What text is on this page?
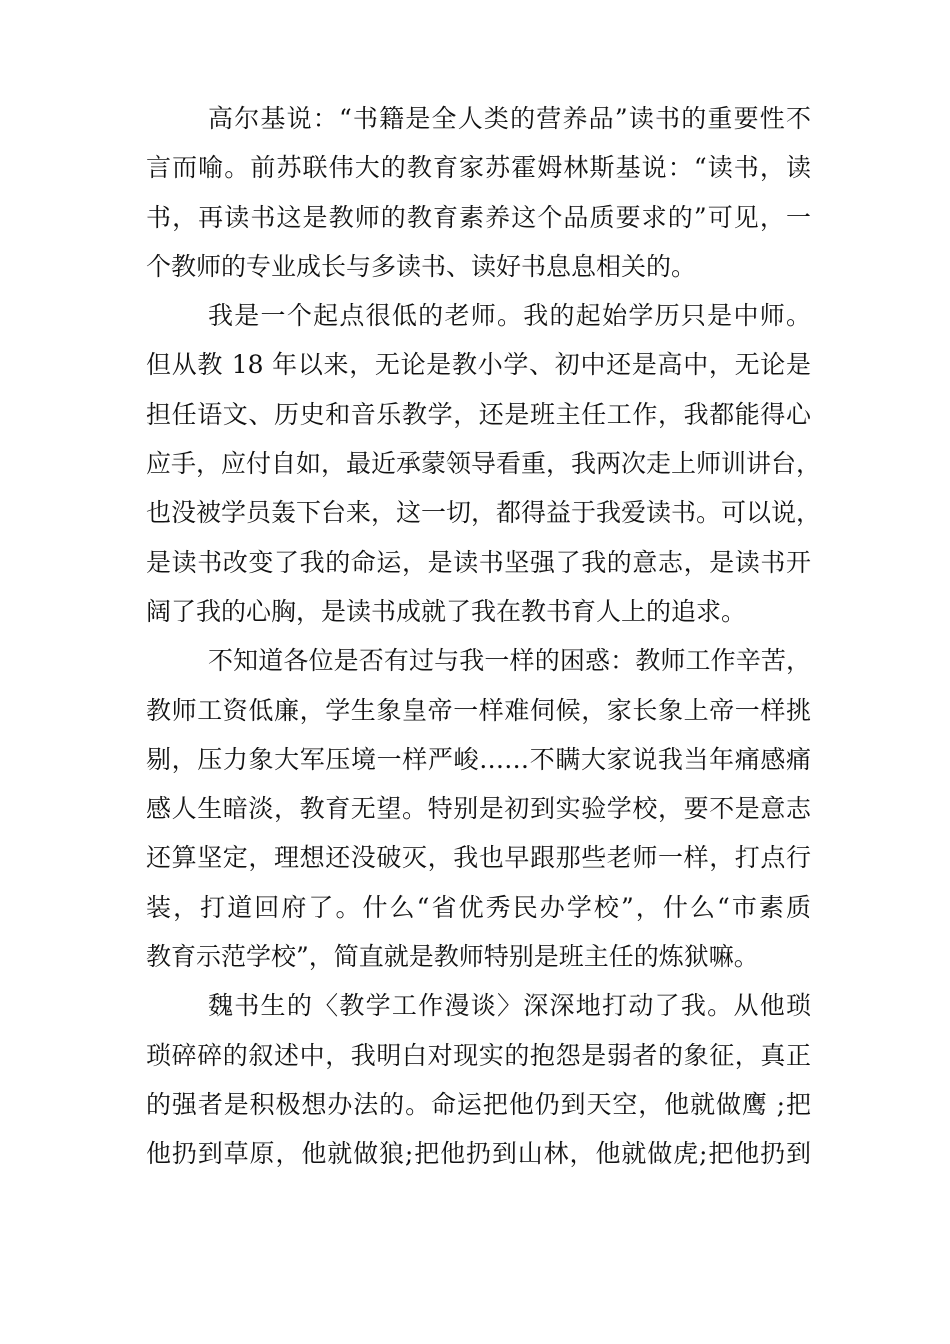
高尔基说：“书籍是全人类的营养品”读书的重要性不
言而喻。前苏联伟大的教育家苏霍姆林斯基说：“读书，读
书，再读书这是教师的教育素养这个品质要求的”可见，一
个教师的专业成长与多读书、读好书息息相关的。
我是一个起点很低的老师。我的起始学历只是中师。
但从教 18 年以来，无论是教小学、初中还是高中，无论是
担任语文、历史和音乐教学，还是班主任工作，我都能得心
应手，应付自如，最近承蒙领导看重，我两次走上师训讲台，
也没被学员轰下台来，这一切，都得益于我爱读书。可以说，
是读书改变了我的命运，是读书坚强了我的意志，是读书开
阔了我的心胸，是读书成就了我在教书育人上的追求。
不知道各位是否有过与我一样的困惑：教师工作辛苦，
教师工资低廉，学生象皇帝一样难伺候，家长象上帝一样挑
剔，压力象大军压境一样严峻……不瞒大家说我当年痛感痛
感人生暗淡，教育无望。特别是初到实验学校，要不是意志
还算坚定，理想还没破灭，我也早跟那些老师一样，打点行
装，打道回府了。什么“省优秀民办学校”，什么“市素质
教育示范学校”，简直就是教师特别是班主任的炼狱嘛。
魏书生的〈教学工作漫谈〉深深地打动了我。从他琐
琐碎碎的叙述中，我明白对现实的抱怨是弱者的象征，真正
的强者是积极想办法的。命运把他仍到天空，他就做鹰 ;把
他扔到草原，他就做狼;把他扔到山林，他就做虎;把他扔到
